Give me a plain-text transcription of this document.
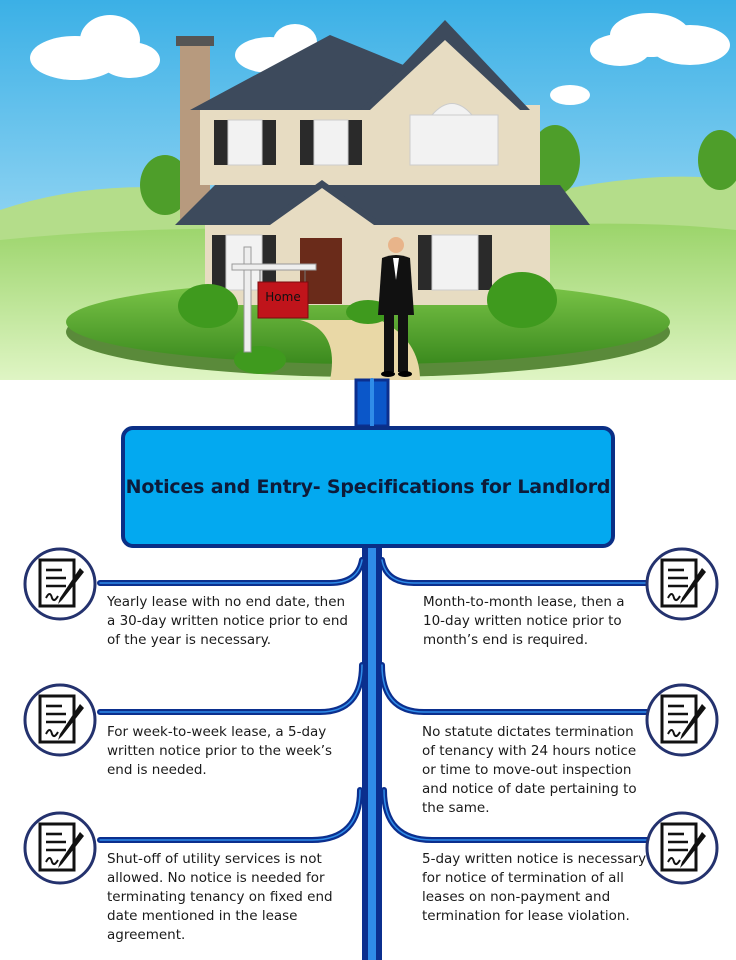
Home
Notices and Entry- Specifications for Landlord
Yearly lease with no end date, then a 30-day written notice prior to end of the year is necessary.
For week-to-week lease, a 5-day written notice prior to the week’s end is needed.
Shut-off of utility services is not allowed. No notice is needed for terminating tenancy on fixed end date mentioned in the lease agreement.
Month-to-month lease, then a 10-day written notice prior to month’s end is required.
No statute dictates termination of tenancy with 24 hours notice or time to move-out inspection and notice of date pertaining to the same.
5-day written notice is necessary for notice of termination of all leases on non-payment and termination for lease violation.
